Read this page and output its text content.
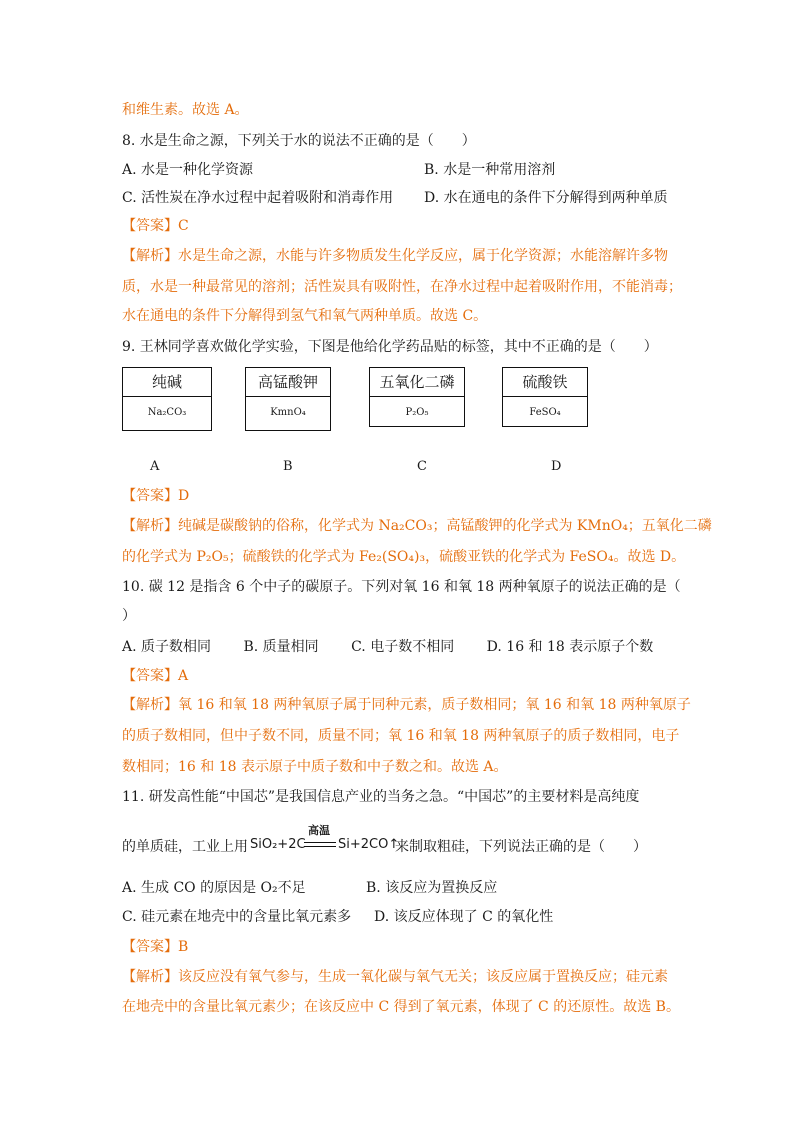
和维生素。故选 A。
8. 水是生命之源，下列关于水的说法不正确的是（　　）
A. 水是一种化学资源	B. 水是一种常用溶剂
C. 活性炭在净水过程中起着吸附和消毒作用 D. 水在通电的条件下分解得到两种单质
【答案】C
【解析】水是生命之源，水能与许多物质发生化学反应，属于化学资源；水能溶解许多物
质，水是一种最常见的溶剂；活性炭具有吸附性，在净水过程中起着吸附作用，不能消毒；
水在通电的条件下分解得到氢气和氧气两种单质。故选 C。
9. 王林同学喜欢做化学实验，下图是他给化学药品贴的标签，其中不正确的是（　　）
纯碱
Na₂CO₃
高锰酸钾
KmnO₄
五氧化二磷
P₂O₅
硫酸铁
FeSO₄
A	B	C	D
【答案】D
【解析】纯碱是碳酸钠的俗称，化学式为 Na₂CO₃；高锰酸钾的化学式为 KMnO₄；五氧化二磷
的化学式为 P₂O₅；硫酸铁的化学式为 Fe₂(SO₄)₃，硫酸亚铁的化学式为 FeSO₄。故选 D。
10. 碳 12 是指含 6 个中子的碳原子。下列对氧 16 和氧 18 两种氧原子的说法正确的是（
）
A. 质子数相同　　 B. 质量相同　　 C. 电子数不相同　　 D. 16 和 18 表示原子个数
【答案】A
【解析】氧 16 和氧 18 两种氧原子属于同种元素，质子数相同；氧 16 和氧 18 两种氧原子
的质子数相同，但中子数不同，质量不同；氧 16 和氧 18 两种氧原子的质子数相同，电子
数相同；16 和 18 表示原子中质子数和中子数之和。故选 A。
11. 研发高性能“中国芯”是我国信息产业的当务之急。“中国芯”的主要材料是高纯度
的单质硅，工业上用 SiO₂+2C
高温
Si+2CO↑
来制取粗硅，下列说法正确的是（　　）
A. 生成 CO 的原因是 O₂不足	B. 该反应为置换反应
C. 硅元素在地壳中的含量比氧元素多 D. 该反应体现了 C 的氧化性
【答案】B
【解析】该反应没有氧气参与，生成一氧化碳与氧气无关；该反应属于置换反应；硅元素
在地壳中的含量比氧元素少；在该反应中 C 得到了氧元素，体现了 C 的还原性。故选 B。
